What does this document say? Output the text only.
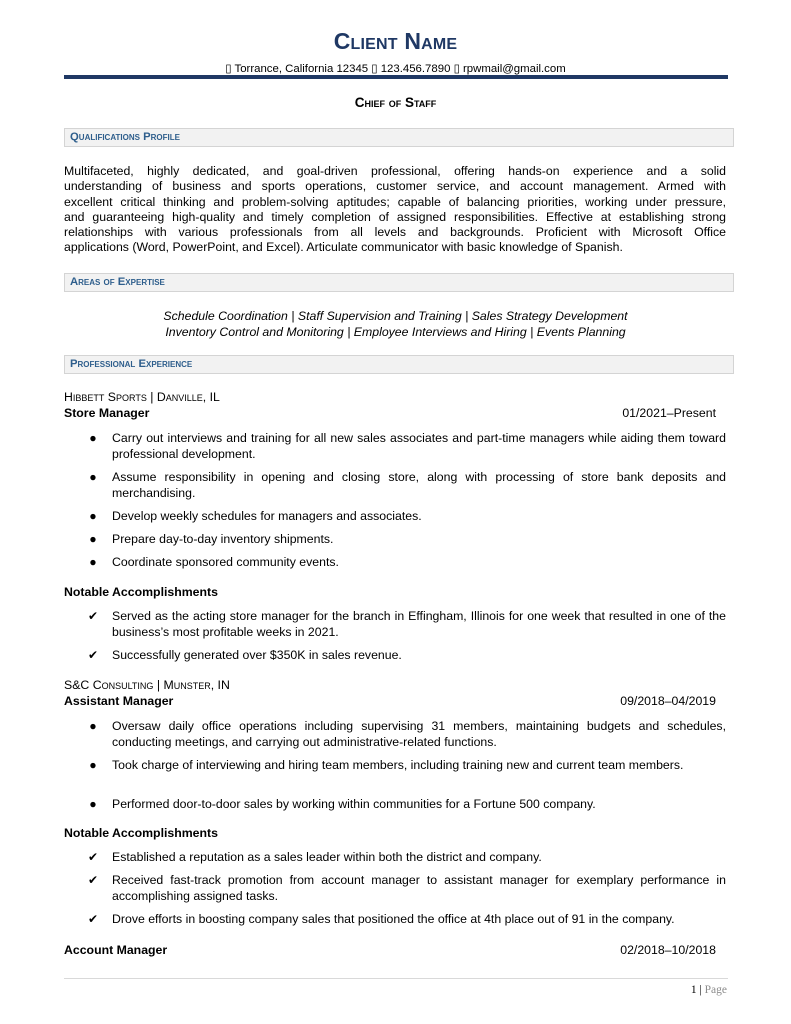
Client Name
▯ Torrance, California 12345 ▯ 123.456.7890 ▯ rpwmail@gmail.com
Chief of Staff
Qualifications Profile
Multifaceted, highly dedicated, and goal-driven professional, offering hands-on experience and a solid
understanding of business and sports operations, customer service, and account management. Armed with
excellent critical thinking and problem-solving aptitudes; capable of balancing priorities, working under pressure,
and guaranteeing high-quality and timely completion of assigned responsibilities. Effective at establishing strong
relationships with various professionals from all levels and backgrounds. Proficient with Microsoft Office
applications (Word, PowerPoint, and Excel). Articulate communicator with basic knowledge of Spanish.
Areas of Expertise
Schedule Coordination | Staff Supervision and Training | Sales Strategy Development
Inventory Control and Monitoring | Employee Interviews and Hiring | Events Planning
Professional Experience
Hibbett Sports | Danville, IL
Store Manager	01/2021–Present
● Carry out interviews and training for all new sales associates and part-time managers while aiding them toward professional development.
● Assume responsibility in opening and closing store, along with processing of store bank deposits and merchandising.
● Develop weekly schedules for managers and associates.
● Prepare day-to-day inventory shipments.
● Coordinate sponsored community events.
Notable Accomplishments
✔ Served as the acting store manager for the branch in Effingham, Illinois for one week that resulted in one of the business’s most profitable weeks in 2021.
✔ Successfully generated over $350K in sales revenue.
S&C Consulting | Munster, IN
Assistant Manager	09/2018–04/2019
● Oversaw daily office operations including supervising 31 members, maintaining budgets and schedules, conducting meetings, and carrying out administrative-related functions.
● Took charge of interviewing and hiring team members, including training new and current team members.
● Performed door-to-door sales by working within communities for a Fortune 500 company.
Notable Accomplishments
✔ Established a reputation as a sales leader within both the district and company.
✔ Received fast-track promotion from account manager to assistant manager for exemplary performance in accomplishing assigned tasks.
✔ Drove efforts in boosting company sales that positioned the office at 4th place out of 91 in the company.
Account Manager	02/2018–10/2018
1 | Page
